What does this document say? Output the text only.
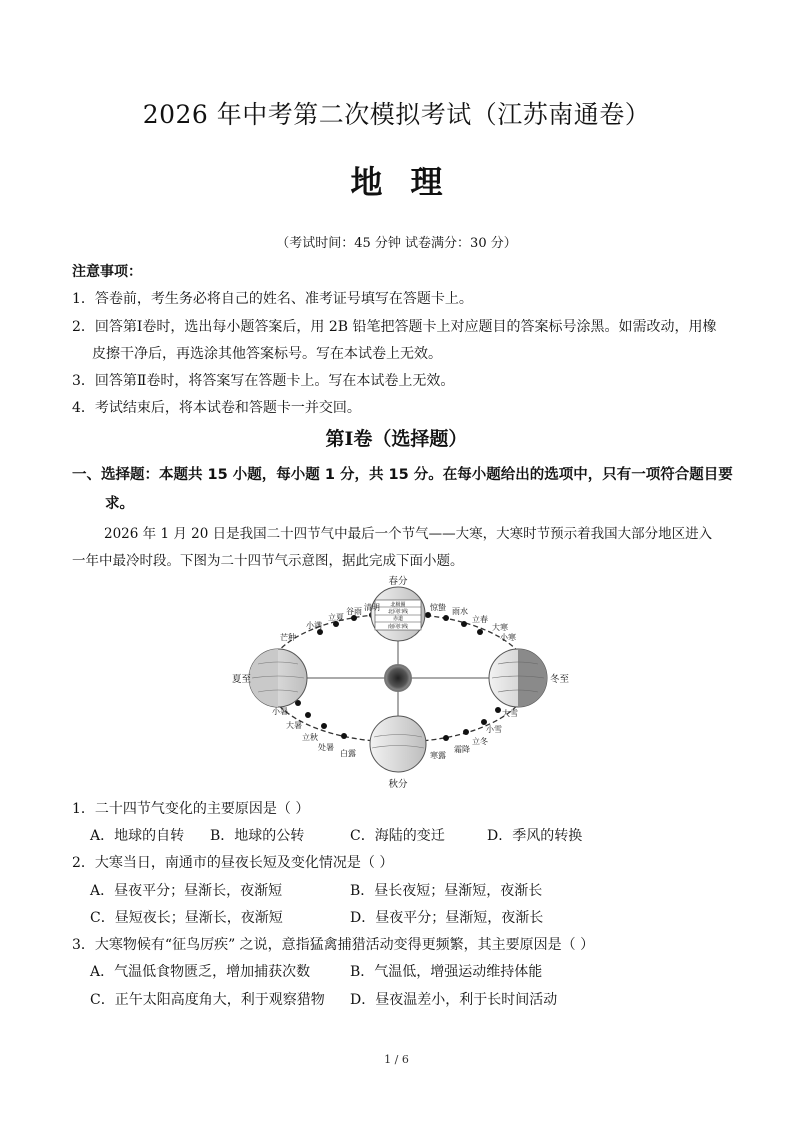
2026 年中考第二次模拟考试（江苏南通卷）
地理
（考试时间：45 分钟 试卷满分：30 分）
注意事项：
1．答卷前，考生务必将自己的姓名、准考证号填写在答题卡上。
2．回答第Ⅰ卷时，选出每小题答案后，用 2B 铅笔把答题卡上对应题目的答案标号涂黑。如需改动，用橡
皮擦干净后，再选涂其他答案标号。写在本试卷上无效。
3．回答第Ⅱ卷时，将答案写在答题卡上。写在本试卷上无效。
4．考试结束后，将本试卷和答题卡一并交回。
第Ⅰ卷（选择题）
一、选择题：本题共 15 小题，每小题 1 分，共 15 分。在每小题给出的选项中，只有一项符合题目要
求。
2026 年 1 月 20 日是我国二十四节气中最后一个节气——大寒，大寒时节预示着我国大部分地区进入
一年中最冷时段。下图为二十四节气示意图，据此完成下面小题。
北极圈
北回归线
赤道
南回归线
春分
夏至
秋分
冬至
清明
谷雨
立夏
小满
芒种
惊蛰 雨水
立春
大寒
小寒
小暑
大暑
立秋
处暑
白露
大雪
小雪
立冬
霜降
寒露
1．二十四节气变化的主要原因是（ ）
A．地球的自转 B．地球的公转	C．海陆的变迁	D．季风的转换
2．大寒当日，南通市的昼夜长短及变化情况是（ ）
A．昼夜平分；昼渐长，夜渐短	B．昼长夜短；昼渐短，夜渐长
C．昼短夜长；昼渐长，夜渐短	D．昼夜平分；昼渐短，夜渐长
3．大寒物候有“征鸟厉疾” 之说，意指猛禽捕猎活动变得更频繁，其主要原因是（ ）
A．气温低食物匮乏，增加捕获次数	B．气温低，增强运动维持体能
C．正午太阳高度角大，利于观察猎物 D．昼夜温差小，利于长时间活动
1 / 6
